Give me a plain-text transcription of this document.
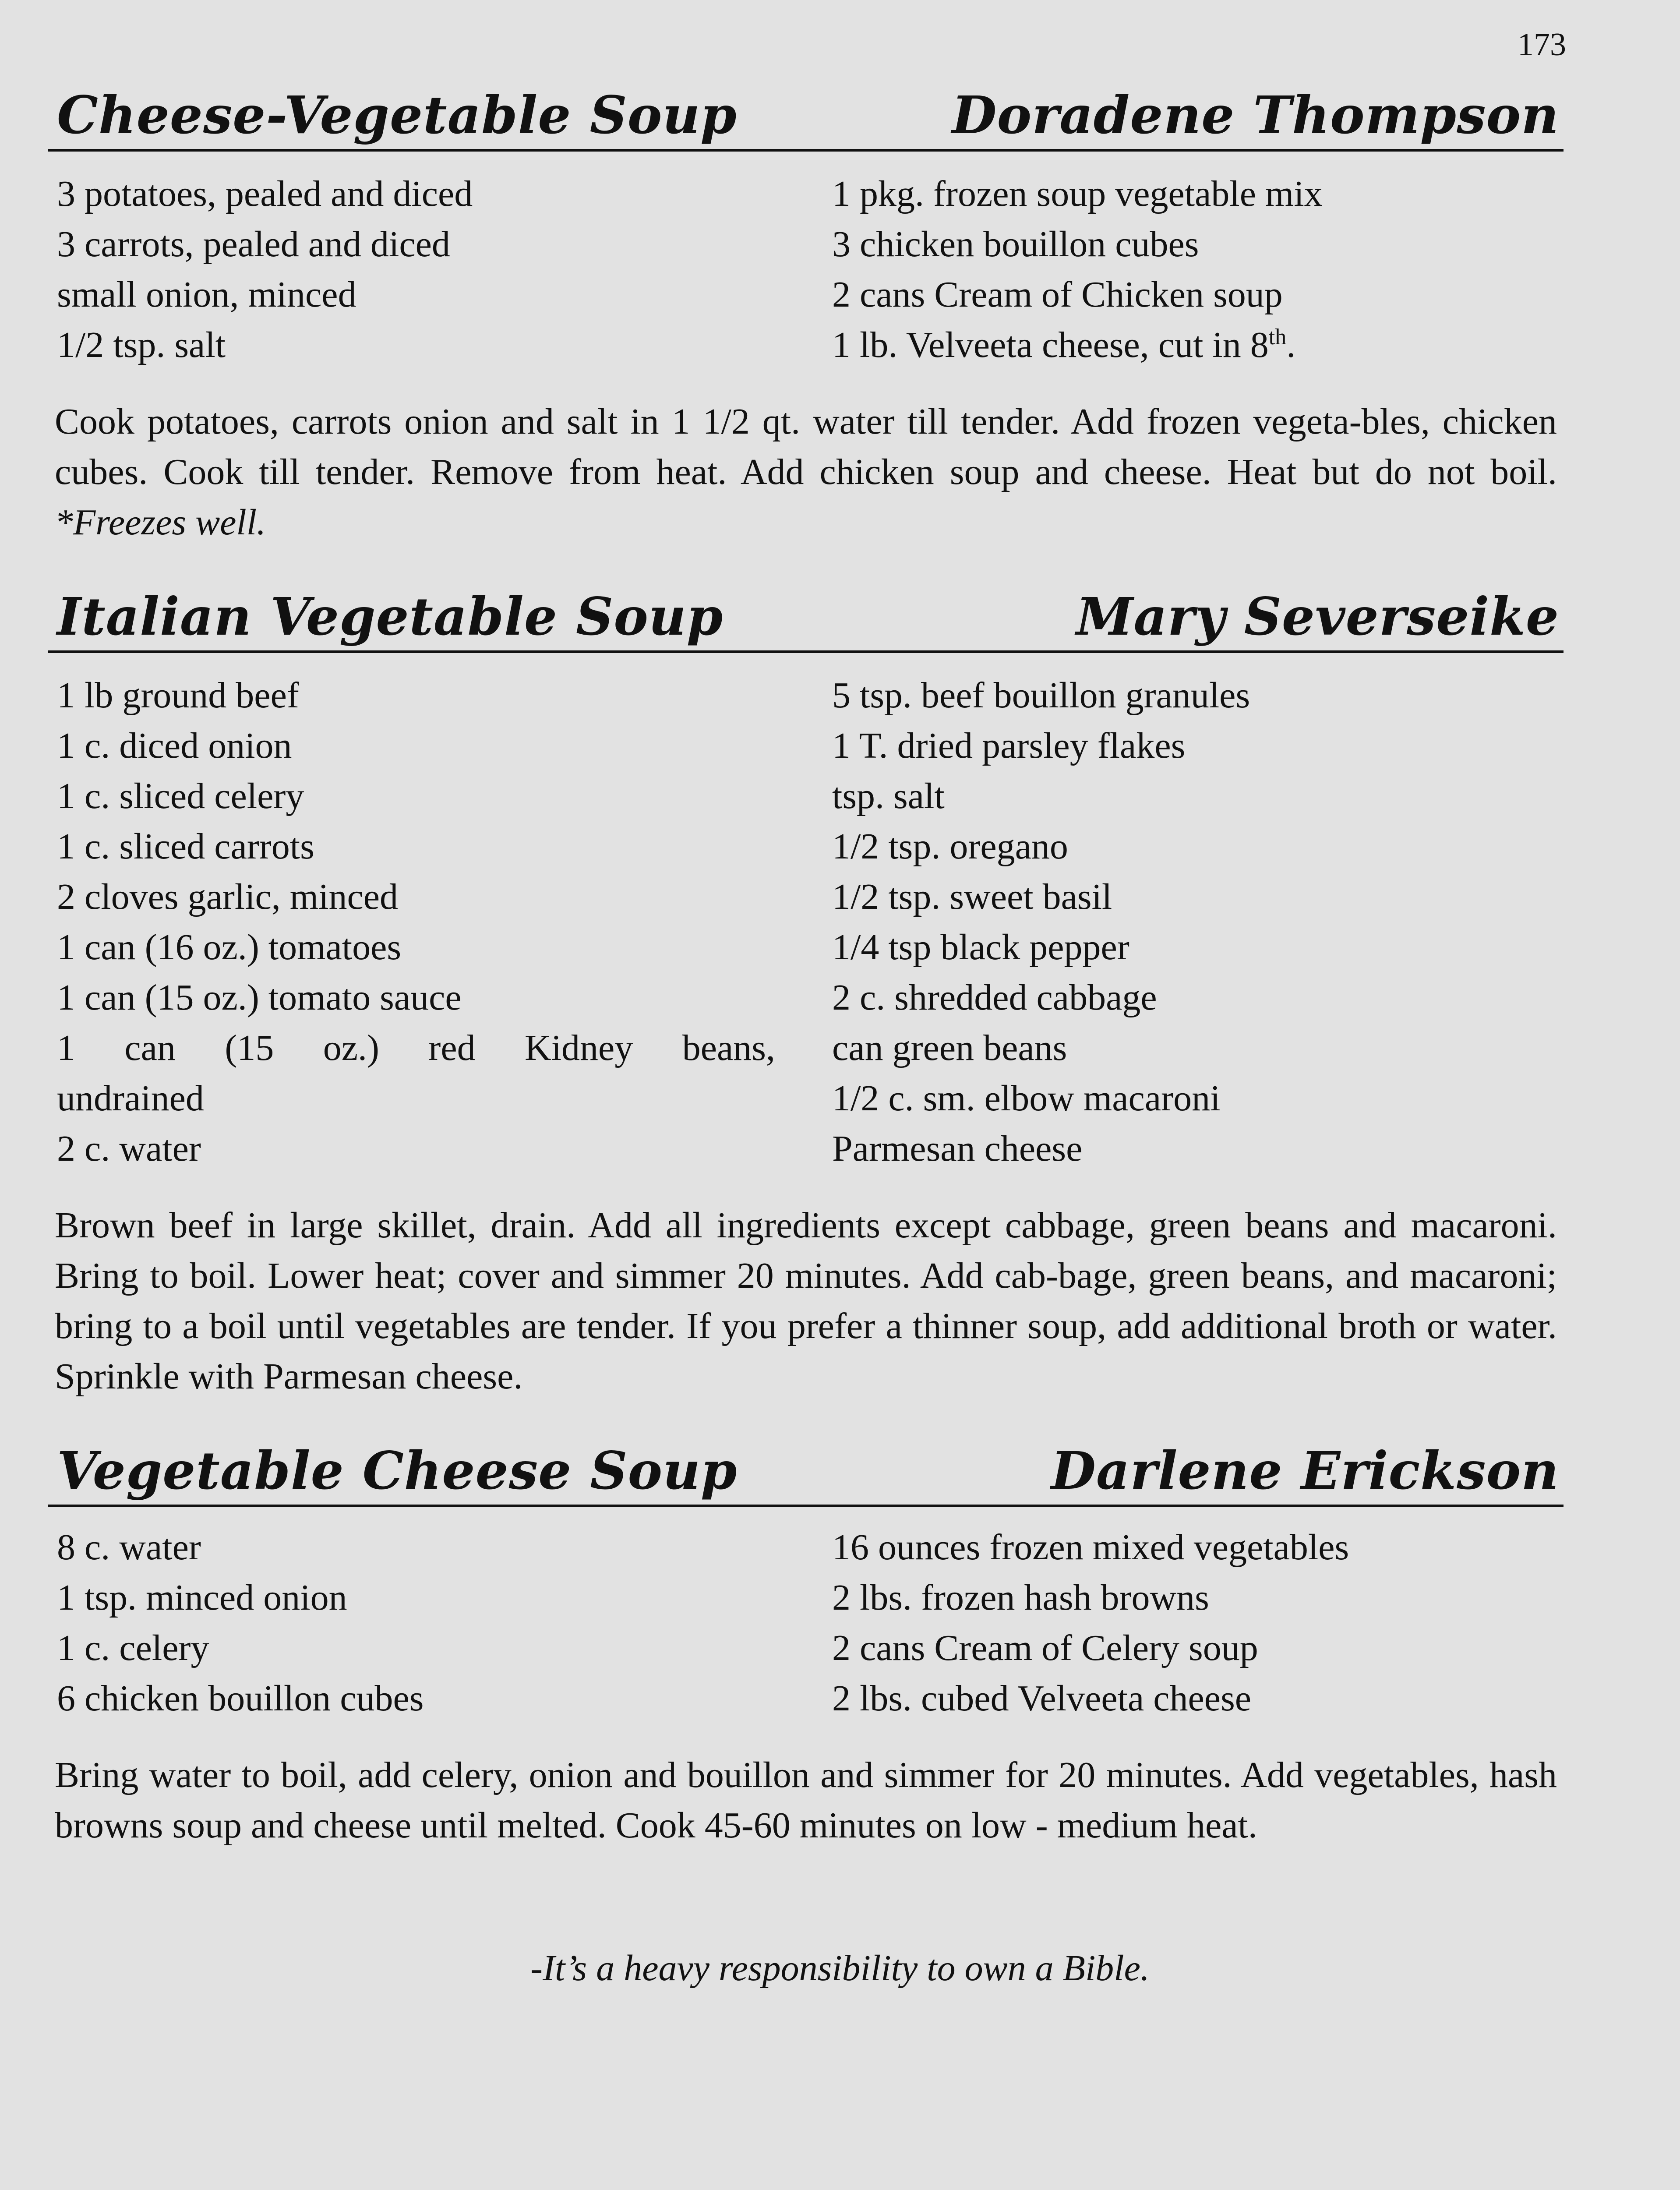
173
Cheese-Vegetable Soup	Doradene Thompson
3 potatoes, pealed and diced
3 carrots, pealed and diced
small onion, minced
1/2 tsp. salt
1 pkg. frozen soup vegetable mix
3 chicken bouillon cubes
2 cans Cream of Chicken soup
1 lb. Velveeta cheese, cut in 8th.
Cook potatoes, carrots onion and salt in 1 1/2 qt. water till tender. Add frozen vegeta-bles, chicken cubes. Cook till tender. Remove from heat. Add chicken soup and cheese. Heat but do not boil. *Freezes well.
Italian Vegetable Soup	Mary Severseike
1 lb ground beef
1 c. diced onion
1 c. sliced celery
1 c. sliced carrots
2 cloves garlic, minced
1 can (16 oz.) tomatoes
1 can (15 oz.) tomato sauce
1 can (15 oz.) red Kidney beans,
undrained
2 c. water
5 tsp. beef bouillon granules
1 T. dried parsley flakes
tsp. salt
1/2 tsp. oregano
1/2 tsp. sweet basil
1/4 tsp black pepper
2 c. shredded cabbage
can green beans
1/2 c. sm. elbow macaroni
Parmesan cheese
Brown beef in large skillet, drain. Add all ingredients except cabbage, green beans and macaroni. Bring to boil. Lower heat; cover and simmer 20 minutes. Add cab-bage, green beans, and macaroni; bring to a boil until vegetables are tender. If you prefer a thinner soup, add additional broth or water. Sprinkle with Parmesan cheese.
Vegetable Cheese Soup	Darlene Erickson
8 c. water
1 tsp. minced onion
1 c. celery
6 chicken bouillon cubes
16 ounces frozen mixed vegetables
2 lbs. frozen hash browns
2 cans Cream of Celery soup
2 lbs. cubed Velveeta cheese
Bring water to boil, add celery, onion and bouillon and simmer for 20 minutes. Add vegetables, hash browns soup and cheese until melted. Cook 45-60 minutes on low - medium heat.
-It’s a heavy responsibility to own a Bible.
